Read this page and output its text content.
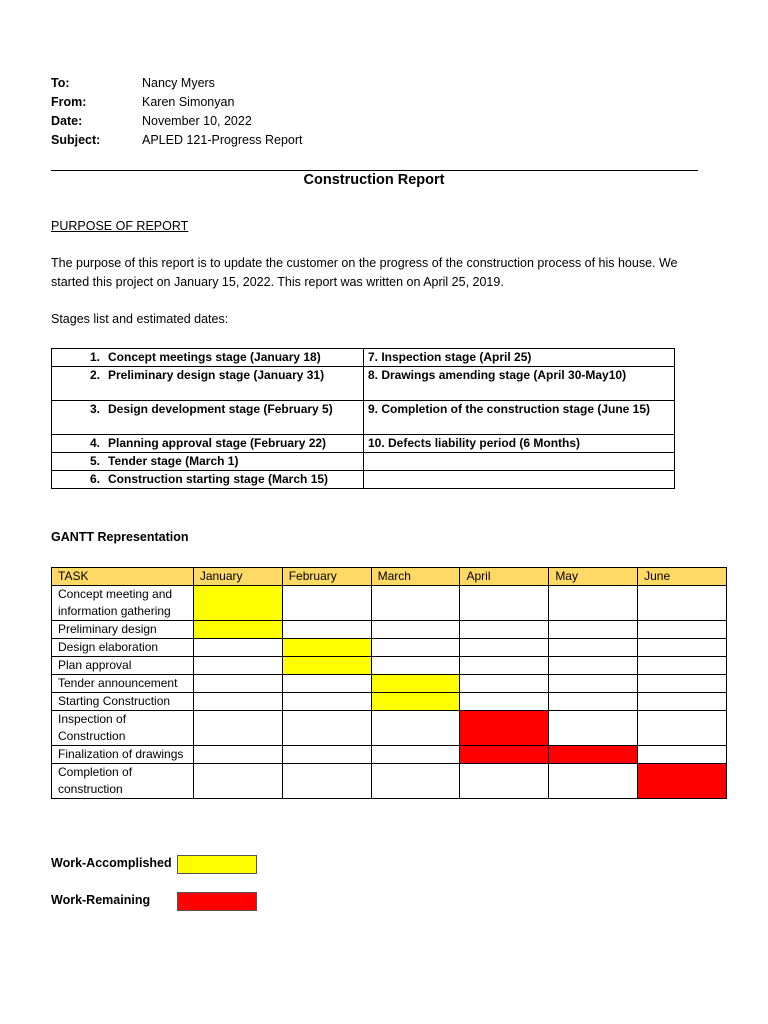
To:	Nancy Myers
From:	Karen Simonyan
Date:	November 10, 2022
Subject:	APLED 121-Progress Report
Construction Report
PURPOSE OF REPORT
The purpose of this report is to update the customer on the progress of the construction process of his house. We started this project on January 15, 2022. This report was written on April 25, 2019.
Stages list and estimated dates:
1. Concept meetings stage (January 18)	7. Inspection stage (April 25)
2. Preliminary design stage (January 31)	8. Drawings amending stage (April 30-May10)
3. Design development stage (February 5)	9. Completion of the construction stage (June 15)
4. Planning approval stage (February 22)	10. Defects liability period (6 Months)
5. Tender stage (March 1)	
6. Construction starting stage (March 15)	
GANTT Representation
TASK	January	February	March	April	May	June
Concept meeting and information gathering						
Preliminary design						
Design elaboration						
Plan approval						
Tender announcement						
Starting Construction						
Inspection of Construction						
Finalization of drawings						
Completion of construction						
Work-Accomplished
Work-Remaining
